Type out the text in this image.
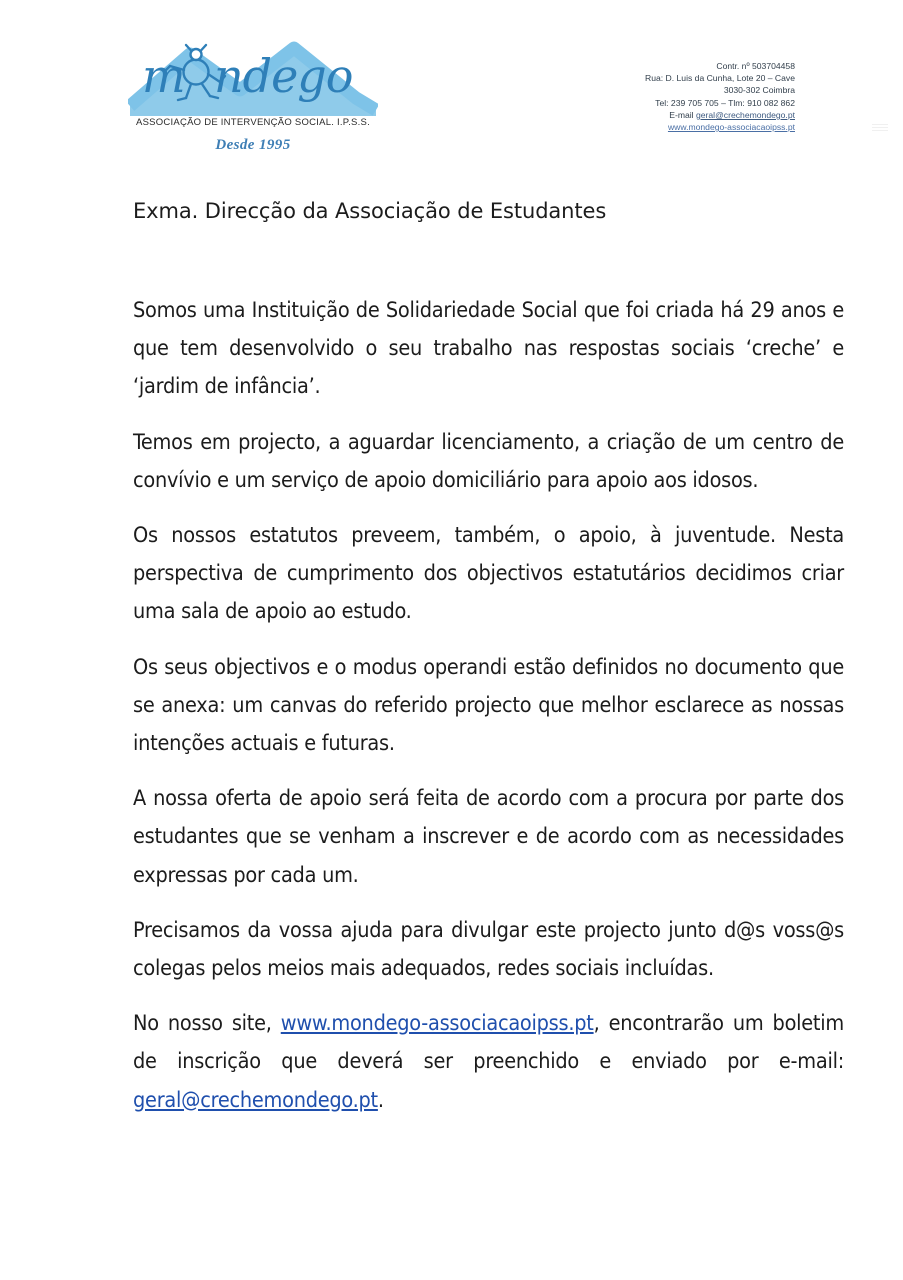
m ndego
ASSOCIAÇÃO DE INTERVENÇÃO SOCIAL. I.P.S.S.
Desde 1995
Contr. nº 503704458
Rua: D. Luis da Cunha, Lote 20 – Cave
3030-302 Coimbra
Tel: 239 705 705 – Tlm: 910 082 862
E-mail geral@crechemondego.pt
www.mondego-associacaoipss.pt

Exma. Direcção da Associação de Estudantes

Somos uma Instituição de Solidariedade Social que foi criada há 29 anos e que tem desenvolvido o seu trabalho nas respostas sociais ‘creche’ e ‘jardim de infância’.

Temos em projecto, a aguardar licenciamento, a criação de um centro de convívio e um serviço de apoio domiciliário para apoio aos idosos.

Os nossos estatutos preveem, também, o apoio, à juventude. Nesta perspectiva de cumprimento dos objectivos estatutários decidimos criar uma sala de apoio ao estudo.

Os seus objectivos e o modus operandi estão definidos no documento que se anexa: um canvas do referido projecto que melhor esclarece as nossas intenções actuais e futuras.

A nossa oferta de apoio será feita de acordo com a procura por parte dos estudantes que se venham a inscrever e de acordo com as necessidades expressas por cada um.

Precisamos da vossa ajuda para divulgar este projecto junto d@s voss@s colegas pelos meios mais adequados, redes sociais incluídas.

No nosso site, www.mondego-associacaoipss.pt, encontrarão um boletim de inscrição que deverá ser preenchido e enviado por e-mail: geral@crechemondego.pt.
